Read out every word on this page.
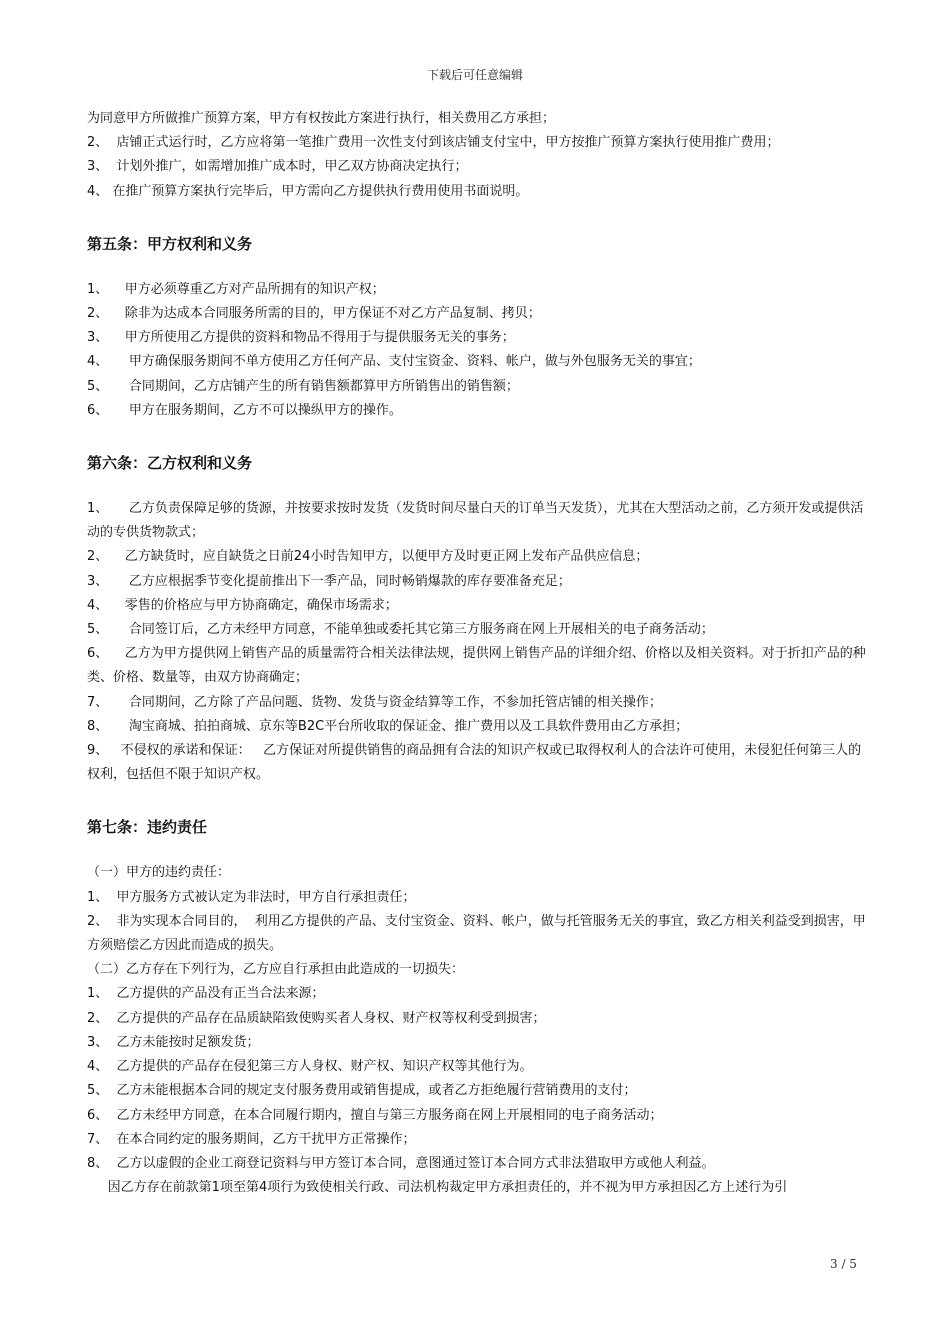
下载后可任意编辑
为同意甲方所做推广预算方案，甲方有权按此方案进行执行，相关费用乙方承担；
2、  店铺正式运行时，乙方应将第一笔推广费用一次性支付到该店铺支付宝中，甲方按推广预算方案执行使用推广费用；
3、  计划外推广，如需增加推广成本时，甲乙双方协商决定执行；
4、 在推广预算方案执行完毕后，甲方需向乙方提供执行费用使用书面说明。
第五条：甲方权利和义务
1、    甲方必须尊重乙方对产品所拥有的知识产权；
2、    除非为达成本合同服务所需的目的，甲方保证不对乙方产品复制、拷贝；
3、    甲方所使用乙方提供的资料和物品不得用于与提供服务无关的事务；
4、     甲方确保服务期间不单方使用乙方任何产品、支付宝资金、资料、帐户，做与外包服务无关的事宜；
5、     合同期间，乙方店铺产生的所有销售额都算甲方所销售出的销售额；
6、     甲方在服务期间，乙方不可以操纵甲方的操作。
第六条：乙方权利和义务
1、     乙方负责保障足够的货源，并按要求按时发货（发货时间尽量白天的订单当天发货），尤其在大型活动之前，乙方须开发或提供活动的专供货物款式；
2、    乙方缺货时，应自缺货之日前24小时告知甲方，以便甲方及时更正网上发布产品供应信息；
3、     乙方应根据季节变化提前推出下一季产品，同时畅销爆款的库存要准备充足；
4、    零售的价格应与甲方协商确定，确保市场需求；
5、     合同签订后，乙方未经甲方同意，不能单独或委托其它第三方服务商在网上开展相关的电子商务活动；
6、    乙方为甲方提供网上销售产品的质量需符合相关法律法规，提供网上销售产品的详细介绍、价格以及相关资料。对于折扣产品的种类、价格、数量等，由双方协商确定；
7、     合同期间，乙方除了产品问题、货物、发货与资金结算等工作，不参加托管店铺的相关操作；
8、     淘宝商城、拍拍商城、京东等B2C平台所收取的保证金、推广费用以及工具软件费用由乙方承担；
9、   不侵权的承诺和保证：   乙方保证对所提供销售的商品拥有合法的知识产权或已取得权利人的合法许可使用，未侵犯任何第三人的权利，包括但不限于知识产权。
第七条：违约责任
（一）甲方的违约责任：
1、  甲方服务方式被认定为非法时，甲方自行承担责任；
2、  非为实现本合同目的，  利用乙方提供的产品、支付宝资金、资料、帐户，做与托管服务无关的事宜，致乙方相关利益受到损害，甲方须赔偿乙方因此而造成的损失。
（二）乙方存在下列行为，乙方应自行承担由此造成的一切损失：
1、  乙方提供的产品没有正当合法来源；
2、  乙方提供的产品存在品质缺陷致使购买者人身权、财产权等权利受到损害；
3、  乙方未能按时足额发货；
4、  乙方提供的产品存在侵犯第三方人身权、财产权、知识产权等其他行为。
5、  乙方未能根据本合同的规定支付服务费用或销售提成，或者乙方拒绝履行营销费用的支付；
6、  乙方未经甲方同意，在本合同履行期内，擅自与第三方服务商在网上开展相同的电子商务活动；
7、  在本合同约定的服务期间，乙方干扰甲方正常操作；
8、  乙方以虚假的企业工商登记资料与甲方签订本合同，意图通过签订本合同方式非法猎取甲方或他人利益。
因乙方存在前款第1项至第4项行为致使相关行政、司法机构裁定甲方承担责任的，并不视为甲方承担因乙方上述行为引
3 / 5
